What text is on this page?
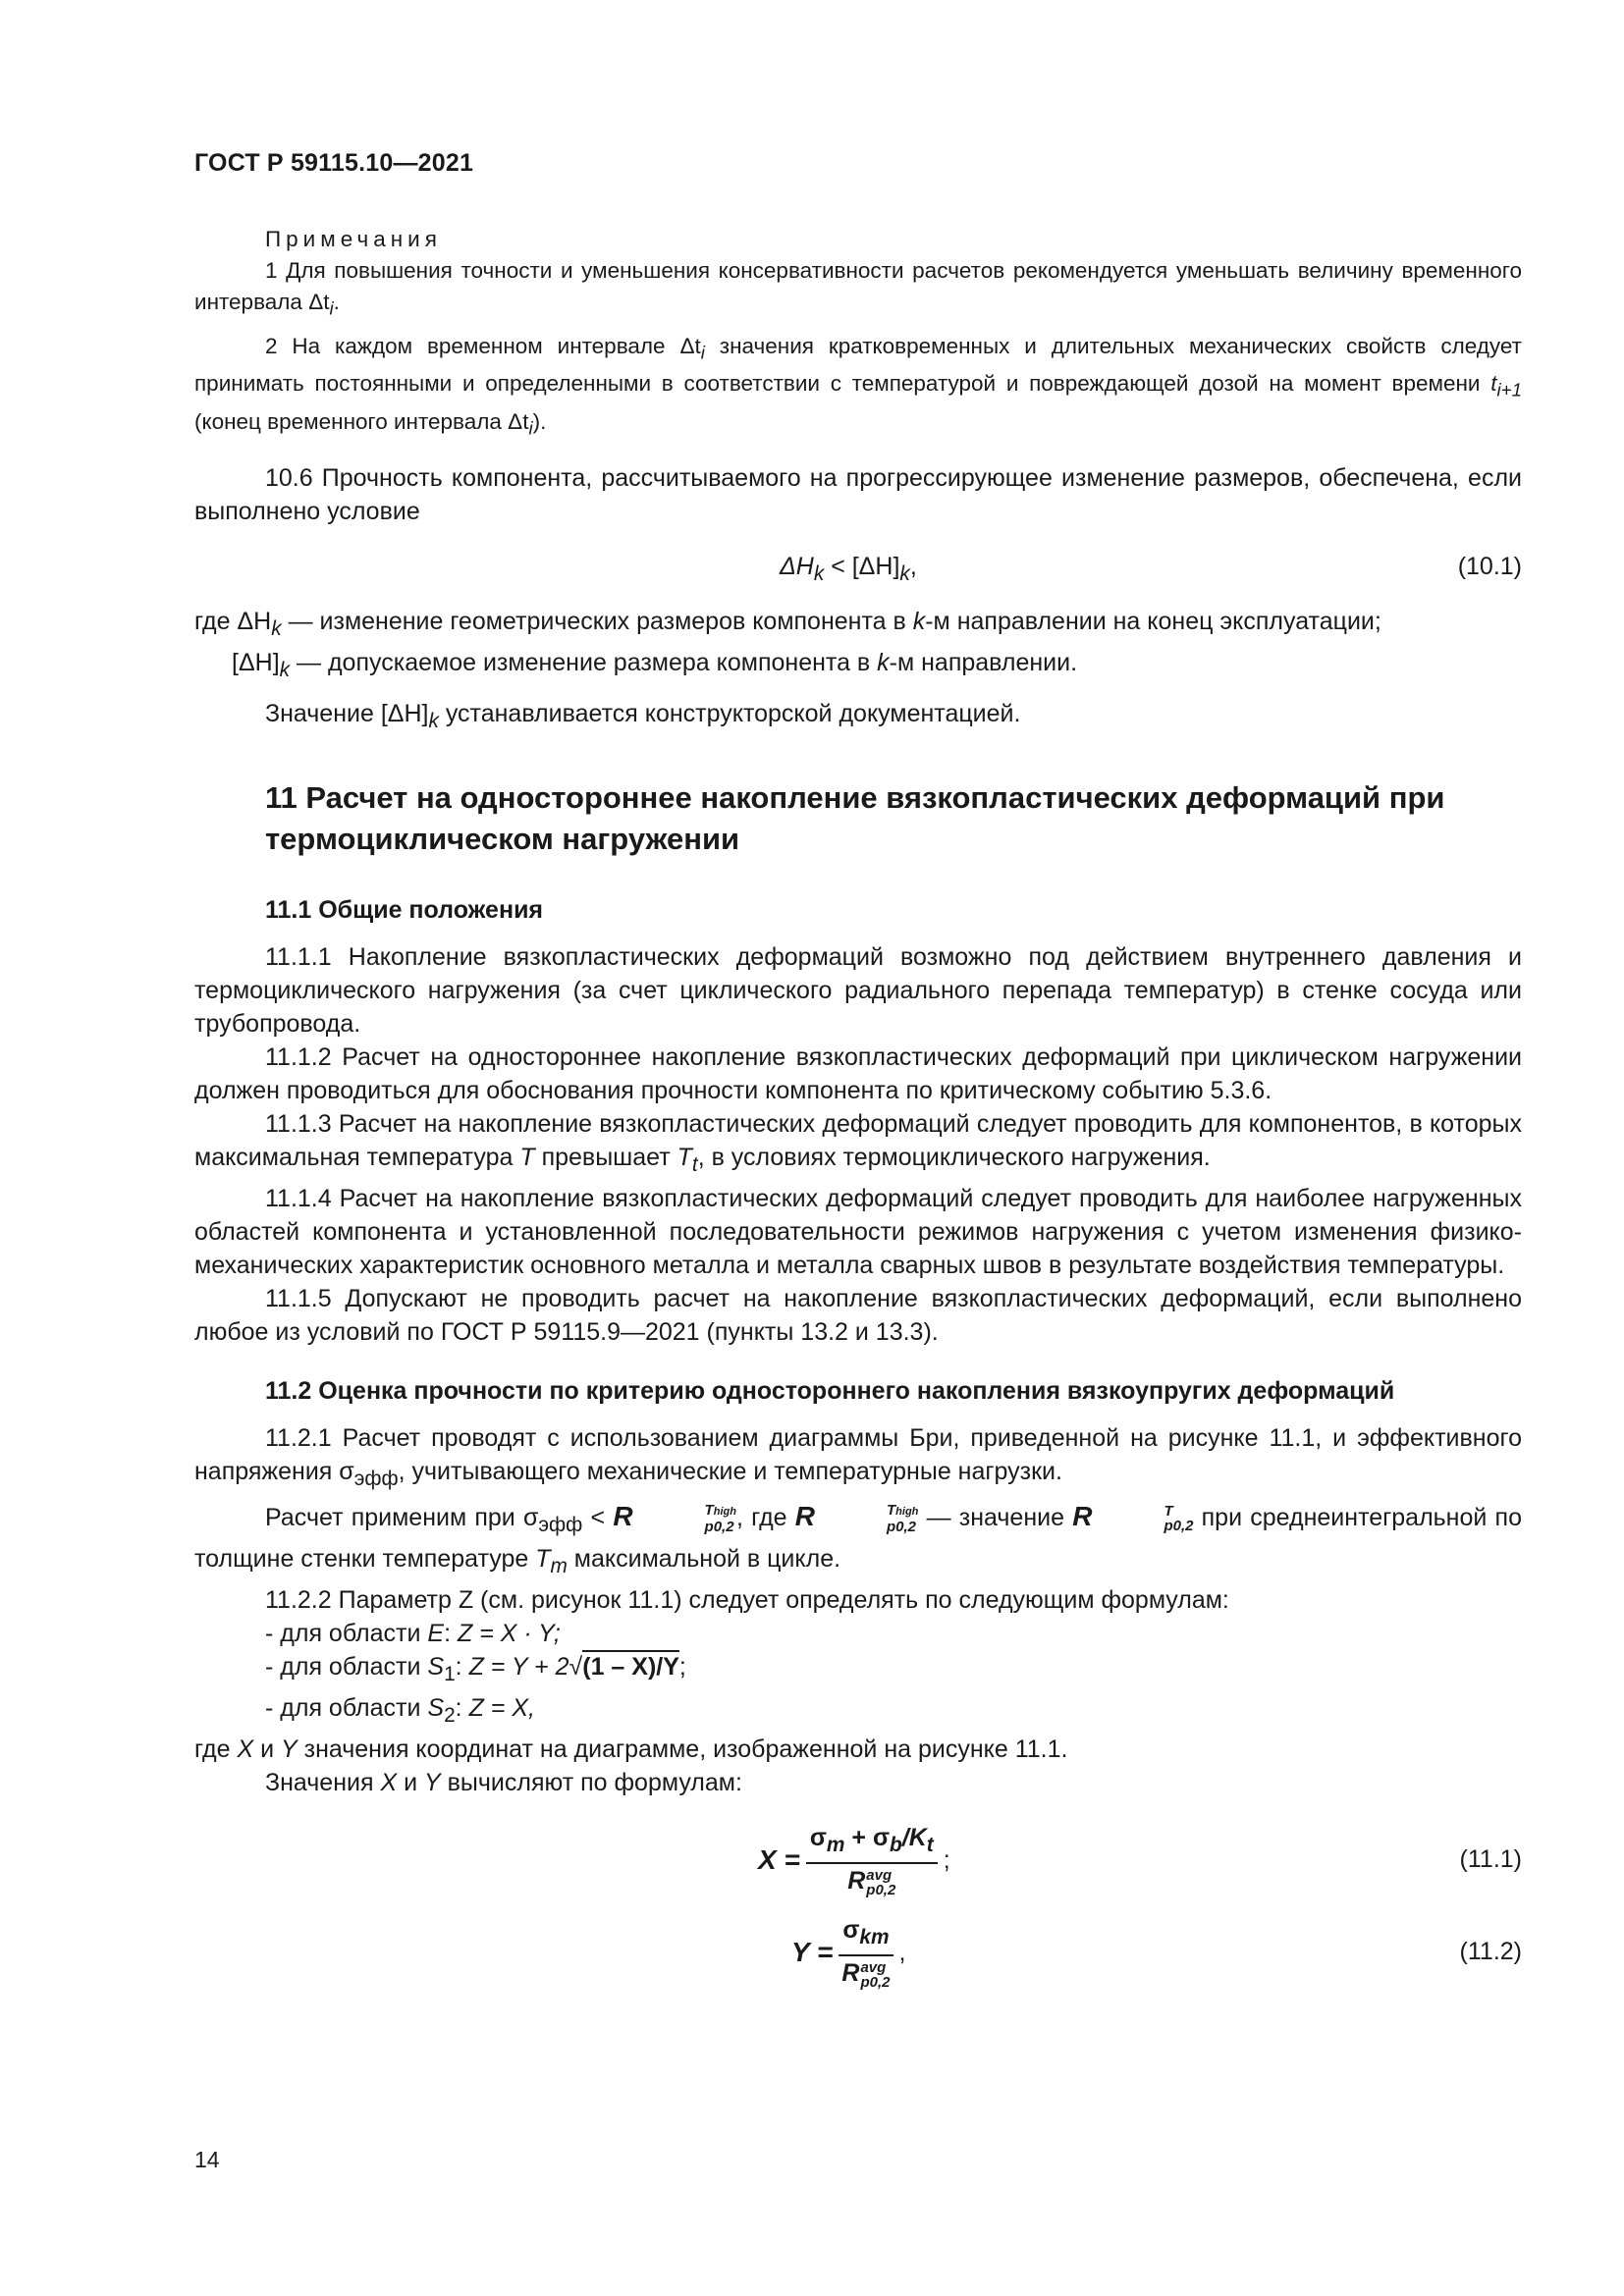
ГОСТ Р 59115.10—2021

Примечания

1 Для повышения точности и уменьшения консервативности расчетов рекомендуется уменьшать величину временного интервала $\Delta t_i$.

2 На каждом временном интервале $\Delta t_i$ значения кратковременных и длительных механических свойств следует принимать постоянными и определенными в соответствии с температурой и повреждающей дозой на момент времени $t_{i+1}$ (конец временного интервала $\Delta t_i$).

10.6 Прочность компонента, рассчитываемого на прогрессирующее изменение размеров, обеспечена, если выполнено условие

$\Delta H_k < [\Delta H]_k$,	(10.1)

где $\Delta H_k$ — изменение геометрических размеров компонента в k-м направлении на конец эксплуатации;

$[\Delta H]_k$ — допускаемое изменение размера компонента в k-м направлении.

Значение $[\Delta H]_k$ устанавливается конструкторской документацией.

11 Расчет на одностороннее накопление вязкопластических деформаций при термоциклическом нагружении
11.1 Общие положения

11.1.1 Накопление вязкопластических деформаций возможно под действием внутреннего давления и термоциклического нагружения (за счет циклического радиального перепада температур) в стенке сосуда или трубопровода.

11.1.2 Расчет на одностороннее накопление вязкопластических деформаций при циклическом нагружении должен проводиться для обоснования прочности компонента по критическому событию 5.3.6.

11.1.3 Расчет на накопление вязкопластических деформаций следует проводить для компонентов, в которых максимальная температура T превышает $T_t$, в условиях термоциклического нагружения.

11.1.4 Расчет на накопление вязкопластических деформаций следует проводить для наиболее нагруженных областей компонента и установленной последовательности режимов нагружения с учетом изменения физико-механических характеристик основного металла и металла сварных швов в результате воздействия температуры.

11.1.5 Допускают не проводить расчет на накопление вязкопластических деформаций, если выполнено любое из условий по ГОСТ Р 59115.9—2021 (пункты 13.2 и 13.3).

11.2 Оценка прочности по критерию одностороннего накопления вязкоупругих деформаций

11.2.1 Расчет проводят с использованием диаграммы Бри, приведенной на рисунке 11.1, и эффективного напряжения $\sigma_{эфф}$, учитывающего механические и температурные нагрузки.

Расчет применим при $\sigma_{эфф} < R$	Thigh
p0,2 , где R	Thigh
p0,2 — значение R	T
p0,2 при среднеинтегральной по толщине стенки температуре $T_m$ максимальной в цикле.

11.2.2 Параметр Z (см. рисунок 11.1) следует определять по следующим формулам:

- для области E: Z = X · Y;

- для области $S_1$: Z = Y + 2√(1 – X)/Y;

- для области $S_2$: Z = X,

где X и Y значения координат на диаграмме, изображенной на рисунке 11.1.

Значения X и Y вычисляют по формулам:

$X = \sigma_m + \sigma_b/K_t$
R avg
p0,2 ;	(11.1)
$Y = \sigma_{km}$
R avg
p0,2 ,	(11.2)
14
